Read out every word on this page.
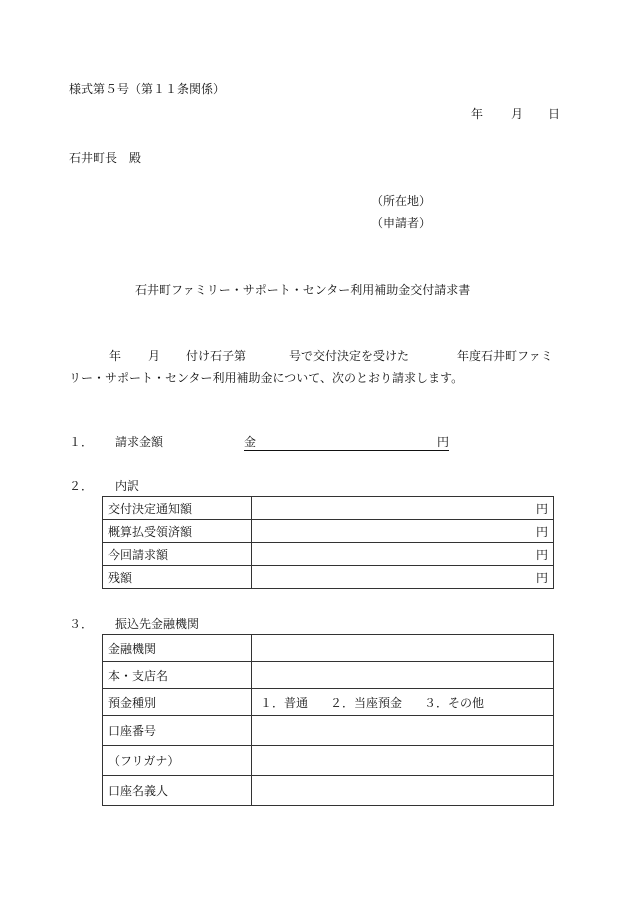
様式第５号（第１１条関係）
年 月 日
石井町長　殿
（所在地）
（申請者）
石井町ファミリー・サポート・センター利用補助金交付請求書
年 月 付け石子第	号で交付決定を受けた	年度石井町ファミ
リー・サポート・センター利用補助金について、次のとおり請求します。
１． 請求金額	金	円
２． 内訳
交付決定通知額	円
概算払受領済額	円
今回請求額	円
残額	円
３． 振込先金融機関
金融機関	
本・支店名	
預金種別	１．普通 ２．当座預金 ３．その他
口座番号	
（フリガナ）	
口座名義人	
